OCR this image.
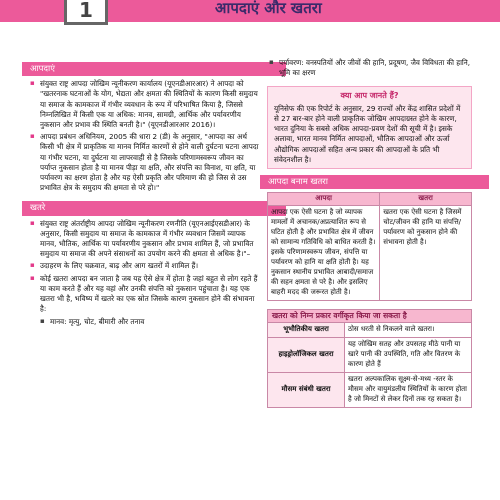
1	आपदाएं और खतरा
आपदाएं
▪ संयुक्त राष्ट्र आपदा जोखिम न्यूनीकरण कार्यालय (यूएनडीआरआर) ने आपदा को "खतरनाक घटनाओं के योग, भेद्यता और क्षमता की स्थितियों के कारण किसी समुदाय या समाज के कामकाज में गंभीर व्यवधान के रूप में परिभाषित किया है, जिससे निम्नलिखित में किसी एक या अधिक: मानव, सामग्री, आर्थिक और पर्यावरणीय नुकसान और प्रभाव की स्थिति बनती है।" (यूएनडीआरआर 2016)।
▪ आपदा प्रबंधन अधिनियम, 2005 की धारा 2 (डी) के अनुसार, "आपदा का अर्थ किसी भी क्षेत्र में प्राकृतिक या मानव निर्मित कारणों से होने वाली दुर्घटना घटना आपदा या गंभीर घटना, या दुर्घटना या लापरवाही से है जिसके परिणामस्वरूप जीवन का पर्याप्त नुकसान होता है या मानव पीड़ा या क्षति, और संपत्ति का विनाश, या क्षति, या पर्यावरण का क्षरण होता है और यह ऐसी प्रकृति और परिमाण की हो जिस से उस प्रभावित क्षेत्र के समुदाय की क्षमता से परे हो।"
खतरे
▪ संयुक्त राष्ट्र अंतर्राष्ट्रीय आपदा जोखिम न्यूनीकरण रणनीति (यूएनआईएसडीआर) के अनुसार, किसी समुदाय या समाज के कामकाज में गंभीर व्यवधान जिसमें व्यापक मानव, भौतिक, आर्थिक या पर्यावरणीय नुकसान और प्रभाव शामिल हैं, जो प्रभावित समुदाय या समाज की अपने संसाधनों का उपयोग करने की क्षमता से अधिक है।"–
▪ उदाहरण के लिए चक्रवात, बाढ़ और आग खतरों में शामिल हैं।
▪ कोई खतरा आपदा बन जाता है जब यह ऐसे क्षेत्र में होता है जहां बहुत से लोग रहते हैं या काम करते हैं और यह वहां और उनकी संपत्ति को नुकसान पहुंचाता है। यह एक खतरा भी है, भविष्य में खतरे का एक स्रोत जिसके कारण नुकसान होने की संभावना है:
▪ मानव: मृत्यु, चोट, बीमारी और तनाव
▪ पर्यावरण: वनस्पतियों और जीवों की हानि, प्रदूषण, जैव विविधता की हानि, भूमि का क्षरण
क्या आप जानते हैं?
यूनिसेफ की एक रिपोर्ट के अनुसार, 29 राज्यों और केंद्र शासित प्रदेशों में से 27 बार-बार होने वाली प्राकृतिक जोखिम आपदाग्रस्त होने के कारण, भारत दुनिया के सबसे अधिक आपदा-प्रवण देशों की सूची में है। इसके अलावा, भारत मानव निर्मित आपदाओं, भौतिक आपदाओं और ऊर्जा औद्योगिक आपदाओं सहित अन्य प्रकार की आपदाओं के प्रति भी संवेदनशील है।
आपदा बनाम खतरा
आपदा	खतरा
आपदा एक ऐसी घटना है जो व्यापक मामलों में अचानक/अप्रत्याशित रूप से घटित होती है और प्रभावित क्षेत्र में जीवन को सामान्य गतिविधि को बाधित करती है। इसके परिणामस्वरूप जीवन, संपत्ति या पर्यावरण को हानि या क्षति होती है। यह नुकसान स्थानीय प्रभावित आबादी/समाज की सहन क्षमता से परे है। और इसलिए बाहरी मदद की जरूरत होती है।	खतरा एक ऐसी घटना है जिसमें चोट/जीवन की हानि या संपत्ति/पर्यावरण को नुकसान होने की संभावना होती है।
खतरा को निम्न प्रकार वर्गीकृत किया जा सकता है
भूभौतिकीय खतरा	ठोस धरती से निकलने वाले खतरा।
हाइड्रोलॉजिकल खतरा	यह जोखिम सतह और उपसतह मीठे पानी या खारे पानी की उपस्थिति, गति और वितरण के कारण होते हैं
मौसम संबंधी खतरा	खतरा अल्पकालिक सूक्ष्म-से-मध्य -स्तर के मौसम और वायुमंडलीय स्थितियों के कारण होता है जो मिनटों से लेकर दिनों तक रह सकता है।
